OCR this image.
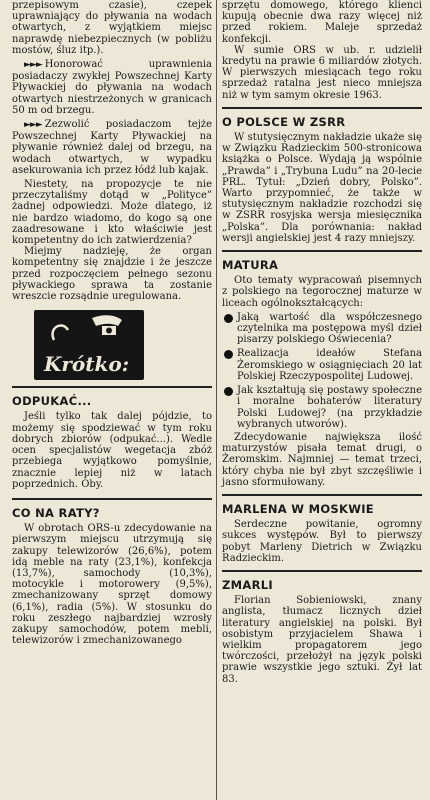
przepisowym czasie), czepek uprawniający do pływania na wodach otwartych, z wyjątkiem miejsc naprawdę niebezpiecznych (w pobliżu mostów, śluz itp.).

►►► Honorować uprawnienia posiadaczy zwykłej Powszechnej Karty Pływackiej do pływania na wodach otwartych niestrzeżonych w granicach 50 m od brzegu.

►►► Zezwolić posiadaczom tejże Powszechnej Karty Pływackiej na pływanie również dalej od brzegu, na wodach otwartych, w wypadku asekurowania ich przez łódź lub kajak.

Niestety, na propozycje te nie przeczytaliśmy dotąd w „Polityce” żadnej odpowiedzi. Może dlatego, iż nie bardzo wiadomo, do kogo są one zaadresowane i kto właściwie jest kompetentny do ich zatwierdzenia?

Miejmy nadzieję, że organ kompetentny się znajdzie i że jeszcze przed rozpoczęciem pełnego sezonu pływackiego sprawa ta zostanie wreszcie rozsądnie uregulowana.

Krótko:
ODPUKAĆ...

Jeśli tylko tak dalej pójdzie, to możemy się spodziewać w tym roku dobrych zbiorów (odpukać...). Wedle ocen specjalistów wegetacja zbóż przebiega wyjątkowo pomyślnie, znacznie lepiej niż w latach poprzednich. Oby.

CO NA RATY?

W obrotach ORS-u zdecydowanie na pierwszym miejscu utrzymują się zakupy telewizorów (26,6%), potem idą meble na raty (23,1%), konfekcja (13,7%), samochody (10,3%), motocykle i motorowery (9,5%), zmechanizowany sprzęt domowy (6,1%), radia (5%). W stosunku do roku zeszłego najbardziej wzrosły zakupy samochodów, potem mebli, telewizorów i zmechanizowanego

sprzętu domowego, którego klienci kupują obecnie dwa razy więcej niż przed rokiem. Maleje sprzedaż konfekcji.

W sumie ORS w ub. r. udzielił kredytu na prawie 6 miliardów złotych. W pierwszych miesiącach tego roku sprzedaż ratalna jest nieco mniejsza niż w tym samym okresie 1963.

O POLSCE W ZSRR

W stutysięcznym nakładzie ukaże się w Związku Radzieckim 500-stronicowa książka o Polsce. Wydają ją wspólnie „Prawda” i „Trybuna Ludu” na 20-lecie PRL. Tytuł: „Dzień dobry, Polsko”. Warto przypomnieć, że także w stutysięcznym nakładzie rozchodzi się w ZSRR rosyjska wersja miesięcznika „Polska”. Dla porównania: nakład wersji angielskiej jest 4 razy mniejszy.

MATURA

Oto tematy wypracowań pisemnych z polskiego na tegorocznej maturze w liceach ogólnokształcących:

Jaką wartość dla współczesnego czytelnika ma postępowa myśl dzieł pisarzy polskiego Oświecenia?

Realizacja ideałów Stefana Żeromskiego w osiągnięciach 20 lat Polskiej Rzeczypospolitej Ludowej.

Jak kształtują się postawy społeczne i moralne bohaterów literatury Polski Ludowej? (na przykładzie wybranych utworów).

Zdecydowanie największa ilość maturzystów pisała temat drugi, o Żeromskim. Najmniej — temat trzeci, który chyba nie był zbyt szczęśliwie i jasno sformułowany.

MARLENA W MOSKWIE

Serdeczne powitanie, ogromny sukces występów. Był to pierwszy pobyt Marleny Dietrich w Związku Radzieckim.

ZMARLI

Florian Sobieniowski, znany anglista, tłumacz licznych dzieł literatury angielskiej na polski. Był osobistym przyjacielem Shawa i wielkim propagatorem jego twórczości, przełożył na język polski prawie wszystkie jego sztuki. Żył lat 83.
